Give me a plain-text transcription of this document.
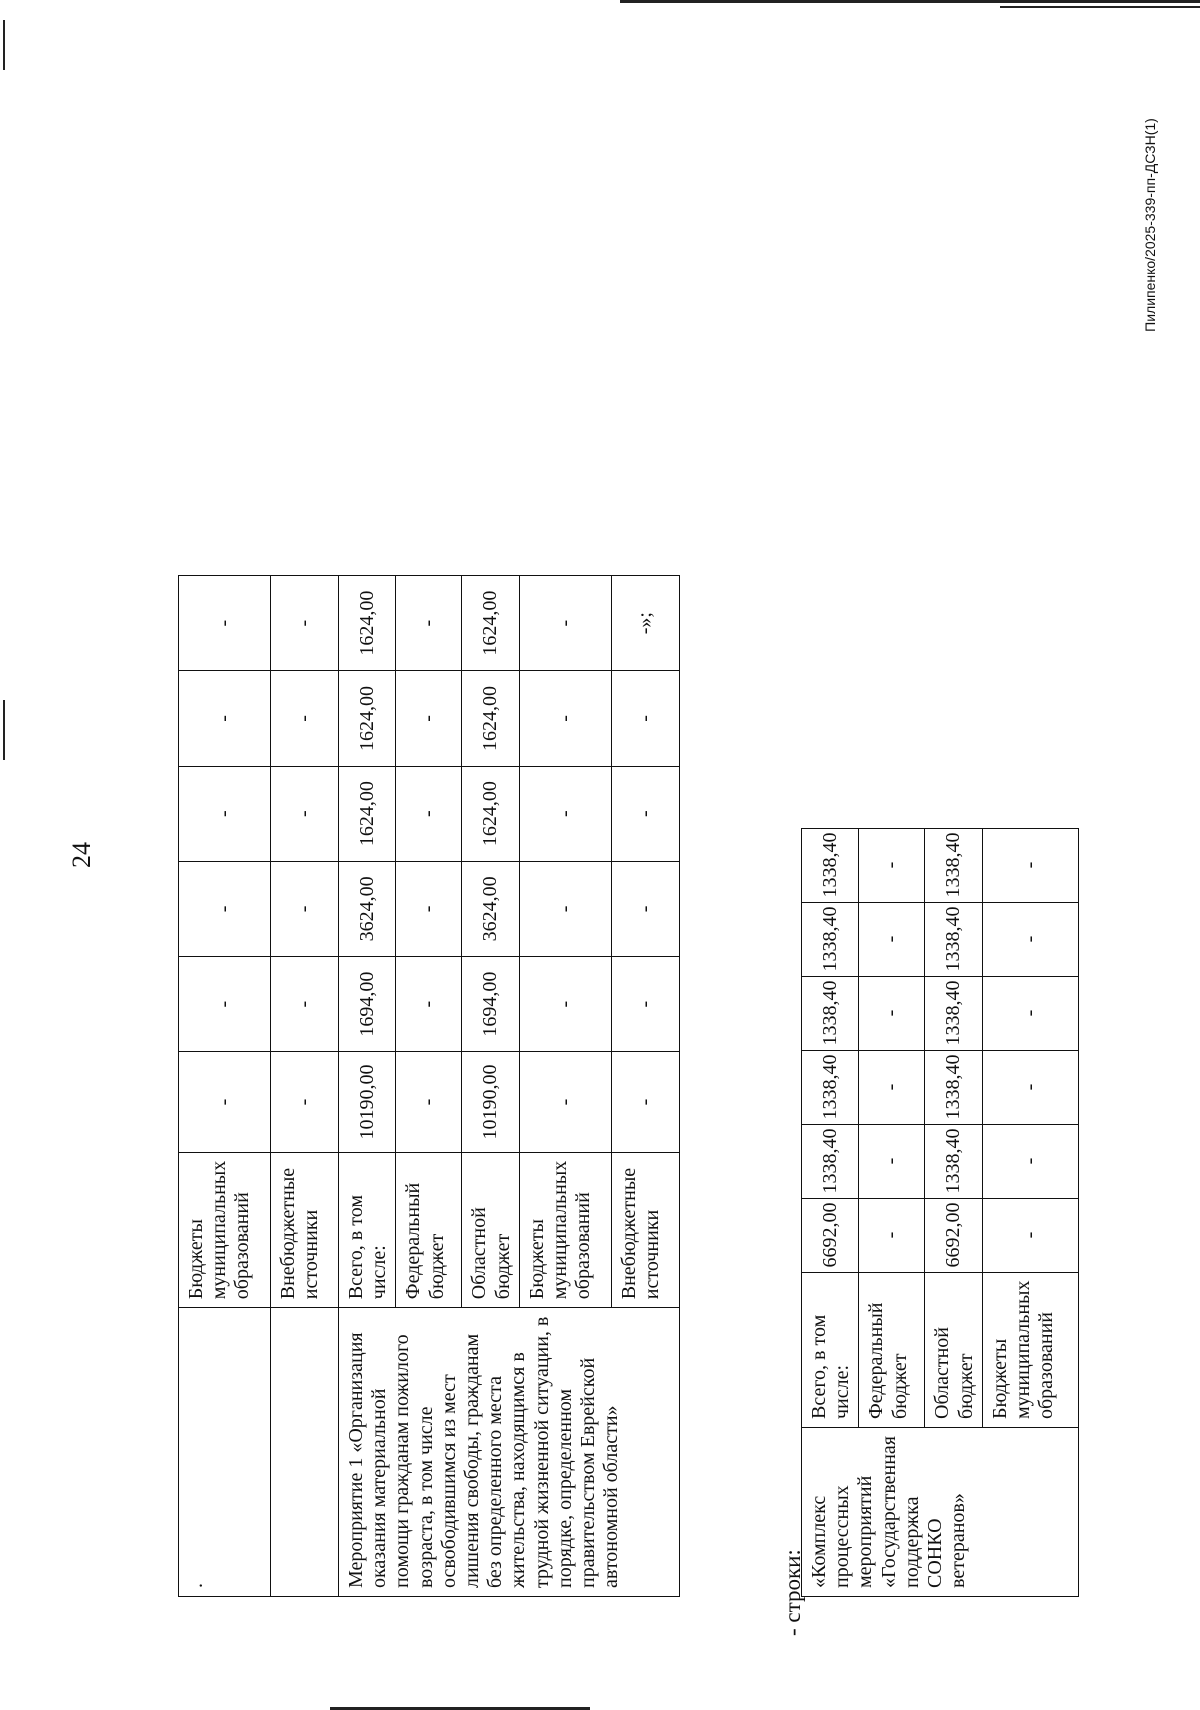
24
Пилипенко/2025-339-пп-ДСЗН(1)
- строки:
.	Бюджеты муниципальных образований	-	-	-	-	-	-
	Внебюджетные источники	-	-	-	-	-	-
Мероприятие 1 «Организация оказания материальной помощи гражданам пожилого возраста, в том числе освободившимся из мест лишения свободы, гражданам без определенного места жительства, находящимся в трудной жизненной ситуации, в порядке, определенном правительством Еврейской автономной области»	Всего, в том числе:	10190,00	1694,00	3624,00	1624,00	1624,00	1624,00
	Федеральный бюджет	-	-	-	-	-	-
	Областной бюджет	10190,00	1694,00	3624,00	1624,00	1624,00	1624,00
	Бюджеты муниципальных образований	-	-	-	-	-	-
	Внебюджетные источники	-	-	-	-	-	-»;
«Комплекс процессных мероприятий «Государственная поддержка СОНКО ветеранов»	Всего, в том числе:	6692,00	1338,40	1338,40	1338,40	1338,40	1338,40
	Федеральный бюджет	-	-	-	-	-	-
	Областной бюджет	6692,00	1338,40	1338,40	1338,40	1338,40	1338,40
	Бюджеты муниципальных образований	-	-	-	-	-	-
